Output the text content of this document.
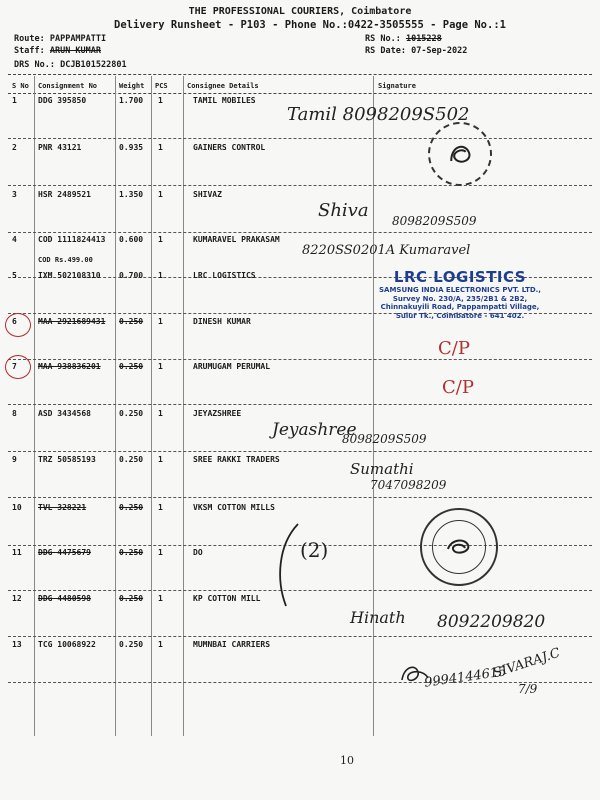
THE PROFESSIONAL COURIERS, Coimbatore
Delivery Runsheet - P103 - Phone No.:0422-3505555 - Page No.:1
Route: PAPPAMPATTI
Staff: ARUN KUMAR
DRS No.: DCJB101522801
RS No.: 1015228
RS Date: 07-Sep-2022
S No Consignment No	Weight PCS	Consignee Details	Signature
1	DDG 395850	1.700 1	TAMIL MOBILES
2	PNR 43121	0.935 1	GAINERS CONTROL
3	HSR 2489521	1.350 1	SHIVAZ
4	COD 1111824413 0.600 1	KUMARAVEL PRAKASAM
5	IXM 502108310 0.700 1	LRC LOGISTICS
6	MAA 2921689431 0.250 1	DINESH KUMAR
7	MAA 938836201 0.250 1	ARUMUGAM PERUMAL
8	ASD 3434568	0.250 1	JEYAZSHREE
9	TRZ 50585193	0.250 1	SREE RAKKI TRADERS
10 TVL 328221	0.250 1	VKSM COTTON MILLS
11 DDG 4475679	0.250 1	DO
12 DDG 4480598	0.250 1	KP COTTON MILL
13 TCG 10068922	0.250 1	MUMNBAI CARRIERS
COD Rs.499.00
LRC LOGISTICS
SAMSUNG INDIA ELECTRONICS PVT. LTD.,
Survey No. 230/A, 235/2B1 & 2B2,
Chinnakuyili Road, Pappampatti Village,
Sulur Tk., Coimbatore - 641 402.
Tamil 8098209S502
Shiva 8098209S509
8220SS0201A Kumaravel
C/P
C/P
Jeyashree
8098209S509
Sumathi
7047098209
(2)
Hinath 8092209820
9994144615
SIVARAJ.C
7/9
10
